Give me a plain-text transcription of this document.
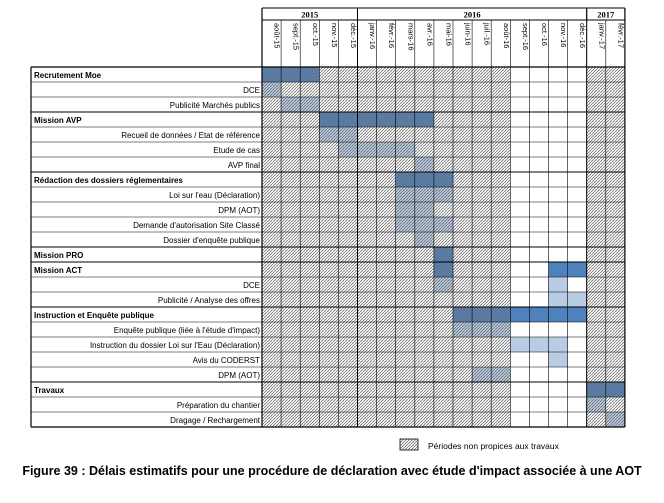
2015	2016	2017
août-15 sept.-15 oct.-15 nov.-15 déc.-15 janv.-16 févr.-16 mars-16 avr.-16 mai-16 juin-16 juil.-16 août-16 sept.-16 oct.-16 nov.-16 déc.-16 janv.-17 févr.-17
Recrutement Moe
DCE
Publicité Marchés publics
Mission AVP
Recueil de données / Etat de référence
Etude de cas
AVP final
Rédaction des dossiers réglementaires
Loi sur l'eau (Déclaration)
DPM (AOT)
Demande d'autorisation Site Classé
Dossier d'enquête publique
Mission PRO
Mission ACT
DCE
Publicité / Analyse des offres
Instruction et Enquête publique
Enquête publique (liée à l'étude d'impact)
Instruction du dossier Loi sur l'Eau (Déclaration)
Avis du CODERST
DPM (AOT)
Travaux
Préparation du chantier
Dragage / Rechargement
Périodes non propices aux travaux
Figure 39 : Délais estimatifs pour une procédure de déclaration avec étude d'impact associée à une AOT
